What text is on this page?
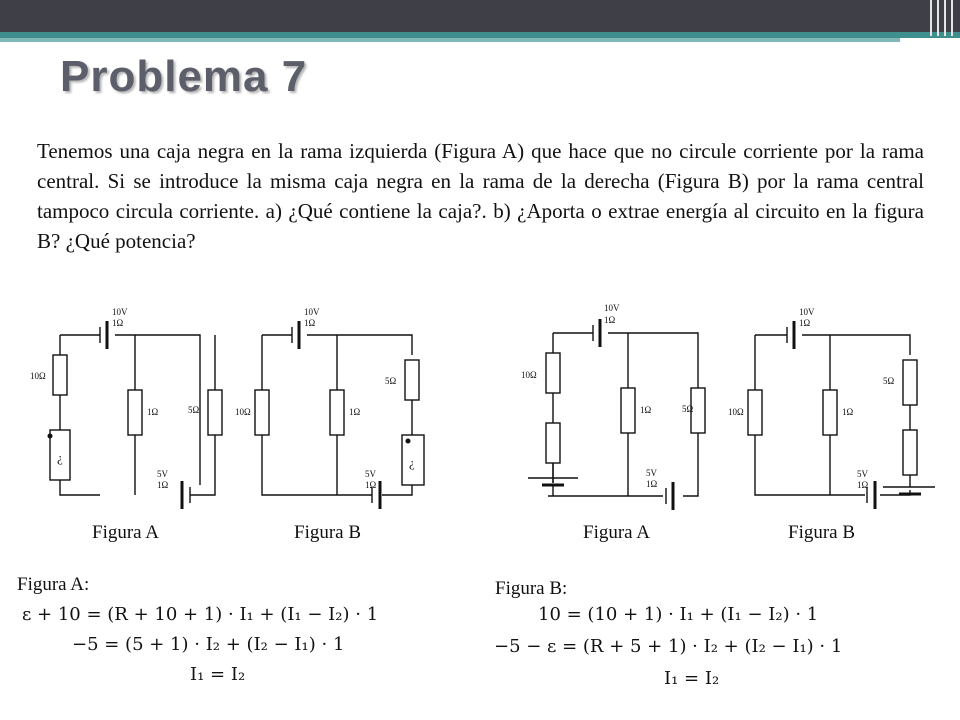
Problema 7
Tenemos una caja negra en la rama izquierda (Figura A) que hace que no circule corriente por la rama central. Si se introduce la misma caja negra en la rama de la derecha (Figura B) por la rama central tampoco circula corriente. a) ¿Qué contiene la caja?. b) ¿Aporta o extrae energía al circuito en la figura B? ¿Qué potencia?
10V
1Ω
10Ω
1Ω	5Ω
5V
1Ω
¿
10V
1Ω
10Ω	1Ω
5Ω
5V
1Ω
¿
10V
1Ω
10Ω
1Ω	5Ω
5V
1Ω
10V
1Ω
10Ω	1Ω
5Ω
5V
1Ω
Figura A	Figura B	Figura A	Figura B
Figura A:
ε + 10 = (R + 10 + 1) · I₁ + (I₁ − I₂) · 1
−5 = (5 + 1) · I₂ + (I₂ − I₁) · 1
I₁ = I₂
Figura B:
10 = (10 + 1) · I₁ + (I₁ − I₂) · 1
−5 − ε = (R + 5 + 1) · I₂ + (I₂ − I₁) · 1
I₁ = I₂
